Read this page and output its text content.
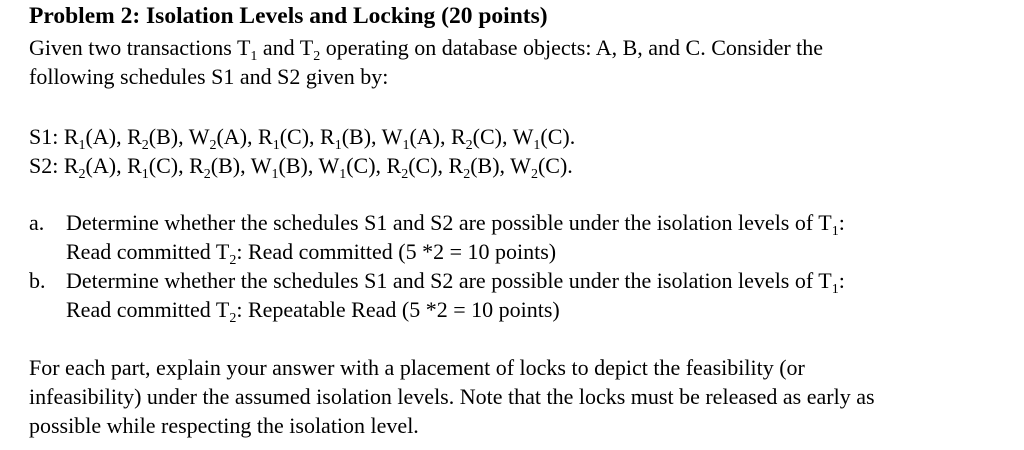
Problem 2: Isolation Levels and Locking (20 points)
Given two transactions $T_1$ and $T_2$ operating on database objects: A, B, and C. Consider the
following schedules S1 and S2 given by:
S1: $R_1(A)$, $R_2(B)$, $W_2(A)$, $R_1(C)$, $R_1(B)$, $W_1(A)$, $R_2(C)$, $W_1(C)$.
S2: $R_2(A)$, $R_1(C)$, $R_2(B)$, $W_1(B)$, $W_1(C)$, $R_2(C)$, $R_2(B)$, $W_2(C)$.
a. Determine whether the schedules S1 and S2 are possible under the isolation levels of $T_1$:
Read committed $T_2$: Read committed (5 *2 = 10 points)
b. Determine whether the schedules S1 and S2 are possible under the isolation levels of $T_1$:
Read committed $T_2$: Repeatable Read (5 *2 = 10 points)
For each part, explain your answer with a placement of locks to depict the feasibility (or
infeasibility) under the assumed isolation levels. Note that the locks must be released as early as
possible while respecting the isolation level.
